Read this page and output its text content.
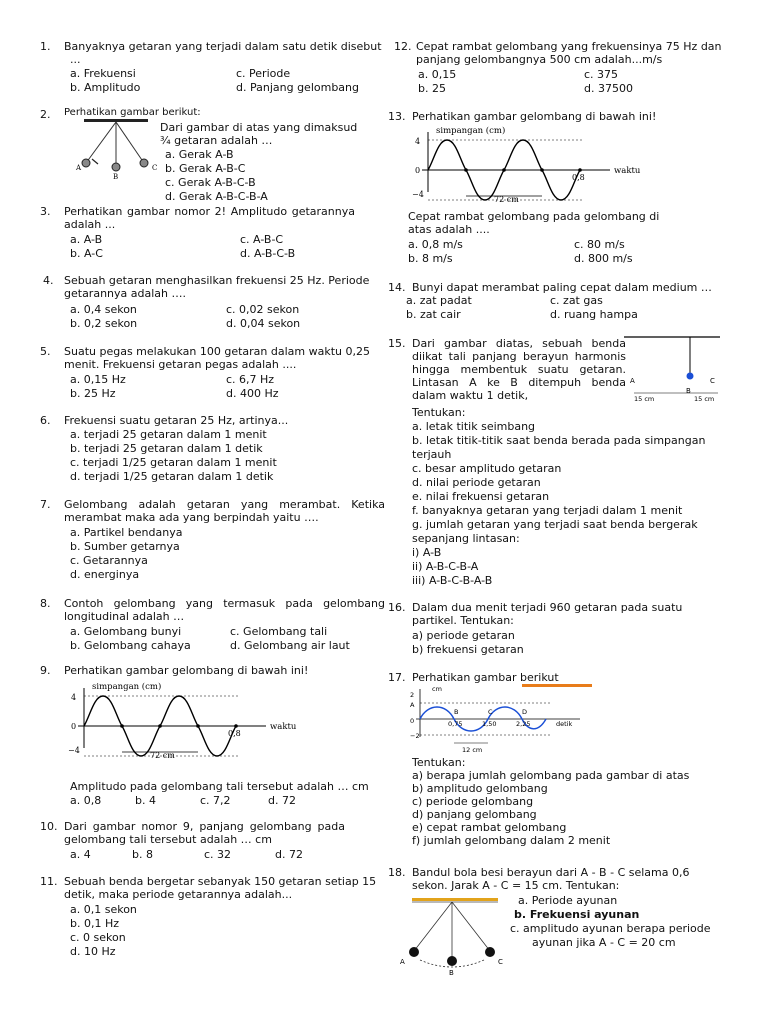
1. Banyaknya getaran yang terjadi dalam satu detik disebut
...
a. Frekuensi
b. Amplitudo
c. Periode
d. Panjang gelombang
2. Perhatikan gambar berikut:
A
B
C
Dari gambar di atas yang dimaksud
¾ getaran adalah …
a. Gerak A-B
b. Gerak A-B-C
c. Gerak A-B-C-B
d. Gerak A-B-C-B-A
3. Perhatikan gambar nomor 2! Amplitudo getarannya adalah ...
a. A-B
b. A-C
c. A-B-C
d. A-B-C-B
4. Sebuah getaran menghasilkan frekuensi 25 Hz. Periode getarannya adalah ….
a. 0,4 sekon
b. 0,2 sekon
c. 0,02 sekon
d. 0,04 sekon
5. Suatu pegas melakukan 100 getaran dalam waktu 0,25 menit. Frekuensi getaran pegas adalah ....
a. 0,15 Hz
b. 25 Hz
c. 6,7 Hz
d. 400 Hz
6. Frekuensi suatu getaran 25 Hz, artinya...
a. terjadi 25 getaran dalam 1 menit
b. terjadi 25 getaran dalam 1 detik
c. terjadi 1/25 getaran dalam 1 menit
d. terjadi 1/25 getaran dalam 1 detik
7. Gelombang adalah getaran yang merambat. Ketika merambat maka ada yang berpindah yaitu ….
a. Partikel bendanya
b. Sumber getarnya
c. Getarannya
d. energinya
8. Contoh gelombang yang termasuk pada gelombang longitudinal adalah …
a. Gelombang bunyi
b. Gelombang cahaya
c. Gelombang tali
d. Gelombang air laut
9. Perhatikan gambar gelombang di bawah ini!
simpangan (cm)
4
0
−4
0,8
waktu
72 cm
Amplitudo pada gelombang tali tersebut adalah … cm
a. 0,8	b. 4	c. 7,2	d. 72
10. Dari gambar nomor 9, panjang gelombang pada gelombang tali tersebut adalah … cm
a. 4	b. 8	c. 32	d. 72
11. Sebuah benda bergetar sebanyak 150 getaran setiap 15 detik, maka periode getarannya adalah...
a. 0,1 sekon
b. 0,1 Hz
c. 0 sekon
d. 10 Hz
12. Cepat rambat gelombang yang frekuensinya 75 Hz dan panjang gelombangnya 500 cm adalah...m/s
a. 0,15
b. 25
c. 375
d. 37500
13. Perhatikan gambar gelombang di bawah ini!
simpangan (cm)
4
0
−4
0,8
waktu
72 cm
Cepat rambat gelombang pada gelombang di atas adalah ....
a. 0,8 m/s
b. 8 m/s
c. 80 m/s
d. 800 m/s
14. Bunyi dapat merambat paling cepat dalam medium …
a. zat padat
b. zat cair
c. zat gas
d. ruang hampa
15. Dari gambar diatas, sebuah benda diikat tali panjang berayun harmonis hingga membentuk suatu getaran. Lintasan A ke B ditempuh benda dalam waktu 1 detik,
A
B
C
15 cm	15 cm
Tentukan:
a. letak titik seimbang
b. letak titik-titik saat benda berada pada simpangan
terjauh
c. besar amplitudo getaran
d. nilai periode getaran
e. nilai frekuensi getaran
f. banyaknya getaran yang terjadi dalam 1 menit
g. jumlah getaran yang terjadi saat benda bergerak
sepanjang lintasan:
i) A-B
ii) A-B-C-B-A
iii) A-B-C-B-A-B
16. Dalam dua menit terjadi 960 getaran pada suatu partikel. Tentukan:
a) periode getaran
b) frekuensi getaran
17. Perhatikan gambar berikut
cm
2
A
0
−2
B	C	D
0,75	1,50	2,25	detik
12 cm
Tentukan:
a) berapa jumlah gelombang pada gambar di atas
b) amplitudo gelombang
c) periode gelombang
d) panjang gelombang
e) cepat rambat gelombang
f) jumlah gelombang dalam 2 menit
18. Bandul bola besi berayun dari A - B - C selama 0,6 sekon. Jarak A - C = 15 cm. Tentukan:
A
B
C
a. Periode ayunan
b. Frekuensi ayunan
c. amplitudo ayunan berapa periode
ayunan jika A - C = 20 cm
